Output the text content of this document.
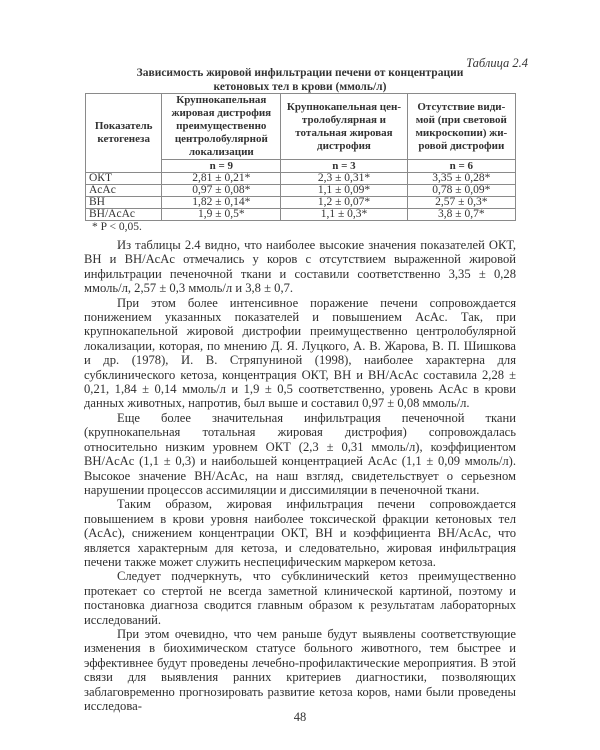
Таблица 2.4
Зависимость жировой инфильтрации печени от концентрации
кетоновых тел в крови (ммоль/л)
Показатель кетогенеза	Крупнокапельная жировая дистрофия преимущественно центролобулярной локализации	Крупнокапельная цен-тролобулярная и тотальная жировая дистрофия	Отсутствие види-мой (при световой микроскопии) жи-ровой дистрофии
	n = 9	n = 3	n = 6
ОКТ	2,81 ± 0,21*	2,3 ± 0,31*	3,35 ± 0,28*
AcAc	0,97 ± 0,08*	1,1 ± 0,09*	0,78 ± 0,09*
BH	1,82 ± 0,14*	1,2 ± 0,07*	2,57 ± 0,3*
BH/AcAc	1,9 ± 0,5*	1,1 ± 0,3*	3,8 ± 0,7*
* P < 0,05.

Из таблицы 2.4 видно, что наиболее высокие значения показателей ОКТ, ВН и ВН/AcAc отмечались у коров с отсутствием выраженной жировой инфильтрации печеночной ткани и составили соответственно 3,35 ± 0,28 ммоль/л, 2,57 ± 0,3 ммоль/л и 3,8 ± 0,7.

При этом более интенсивное поражение печени сопровождается понижением указанных показателей и повышением AcAc. Так, при крупнокапельной жировой дистрофии преимущественно центролобулярной локализации, которая, по мнению Д. Я. Луцкого, А. В. Жарова, В. П. Шишкова и др. (1978), И. В. Стряпуниной (1998), наиболее характерна для субклинического кетоза, концентрация ОКТ, ВН и ВН/AcAc составила 2,28 ± 0,21, 1,84 ± 0,14 ммоль/л и 1,9 ± 0,5 соответственно, уровень AcAc в крови данных животных, напротив, был выше и составил 0,97 ± 0,08 ммоль/л.

Еще более значительная инфильтрация печеночной ткани (крупнокапельная тотальная жировая дистрофия) сопровождалась относительно низким уровнем ОКТ (2,3 ± 0,31 ммоль/л), коэффициентом ВН/AcAc (1,1 ± 0,3) и наибольшей концентрацией AcAc (1,1 ± 0,09 ммоль/л). Высокое значение ВН/AcAc, на наш взгляд, свидетельствует о серьезном нарушении процессов ассимиляции и диссимиляции в печеночной ткани.

Таким образом, жировая инфильтрация печени сопровождается повышением в крови уровня наиболее токсической фракции кетоновых тел (AcAc), снижением концентрации ОКТ, ВН и коэффициента ВН/AcAc, что является характерным для кетоза, и следовательно, жировая инфильтрация печени также может служить неспецифическим маркером кетоза.

Следует подчеркнуть, что субклинический кетоз преимущественно протекает со стертой не всегда заметной клинической картиной, поэтому и постановка диагноза сводится главным образом к результатам лабораторных исследований.

При этом очевидно, что чем раньше будут выявлены соответствующие изменения в биохимическом статусе больного животного, тем быстрее и эффективнее будут проведены лечебно-профилактические мероприятия. В этой связи для выявления ранних критериев диагностики, позволяющих заблаговременно прогнозировать развитие кетоза коров, нами были проведены исследова-

48
